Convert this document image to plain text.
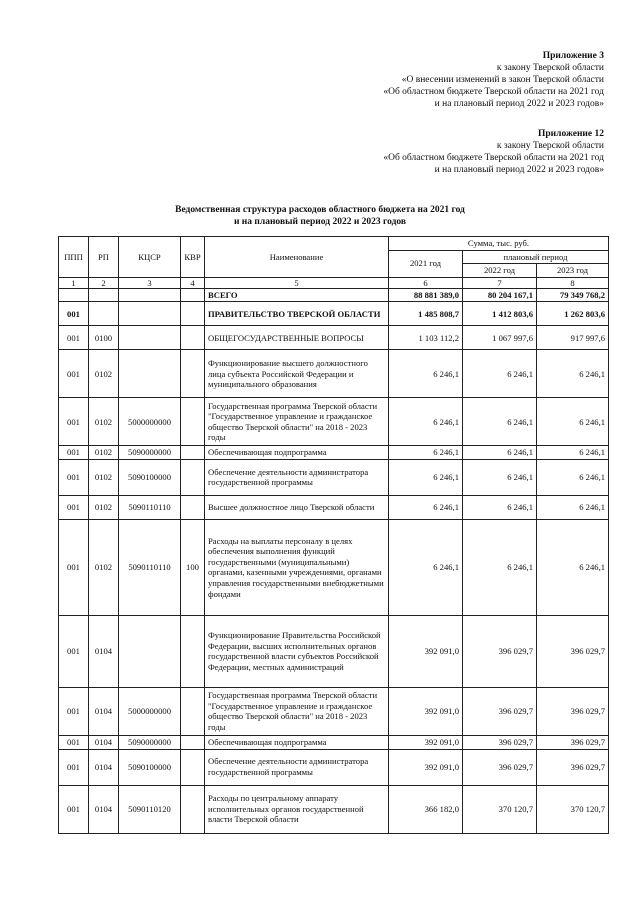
Приложение 3
к закону Тверской области
«О внесении изменений в закон Тверской области
«Об областном бюджете Тверской области на 2021 год
и на плановый период 2022 и 2023 годов»
Приложение 12
к закону Тверской области
«Об областном бюджете Тверской области на 2021 год
и на плановый период 2022 и 2023 годов»
Ведомственная структура расходов областного бюджета на 2021 год
и на плановый период 2022 и 2023 годов
ППП	РП	КЦСР	КВР	Наименование	Сумма, тыс. руб.		
					2021 год	плановый период	
						2022 год	2023 год
1	2	3	4	5	6	7	8
				ВСЕГО	88 881 389,0	80 204 167,1	79 349 768,2
001				ПРАВИТЕЛЬСТВО ТВЕРСКОЙ ОБЛАСТИ	1 485 808,7	1 412 803,6	1 262 803,6
001	0100			ОБЩЕГОСУДАРСТВЕННЫЕ ВОПРОСЫ	1 103 112,2	1 067 997,6	917 997,6
001	0102			Функционирование высшего должностного лица субъекта Российской Федерации и муниципального образования	6 246,1	6 246,1	6 246,1
001	0102	5000000000		Государственная программа Тверской области "Государственное управление и гражданское общество Тверской области" на 2018 - 2023 годы	6 246,1	6 246,1	6 246,1
001	0102	5090000000		Обеспечивающая подпрограмма	6 246,1	6 246,1	6 246,1
001	0102	5090100000		Обеспечение деятельности администратора государственной программы	6 246,1	6 246,1	6 246,1
001	0102	5090110110		Высшее должностное лицо Тверской области	6 246,1	6 246,1	6 246,1
001	0102	5090110110	100	Расходы на выплаты персоналу в целях обеспечения выполнения функций государственными (муниципальными) органами, казенными учреждениями, органами управления государственными внебюджетными фондами	6 246,1	6 246,1	6 246,1
001	0104			Функционирование Правительства Российской Федерации, высших исполнительных органов государственной власти субъектов Российской Федерации, местных администраций	392 091,0	396 029,7	396 029,7
001	0104	5000000000		Государственная программа Тверской области "Государственное управление и гражданское общество Тверской области" на 2018 - 2023 годы	392 091,0	396 029,7	396 029,7
001	0104	5090000000		Обеспечивающая подпрограмма	392 091,0	396 029,7	396 029,7
001	0104	5090100000		Обеспечение деятельности администратора государственной программы	392 091,0	396 029,7	396 029,7
001	0104	5090110120		Расходы по центральному аппарату исполнительных органов государственной власти Тверской области	366 182,0	370 120,7	370 120,7
